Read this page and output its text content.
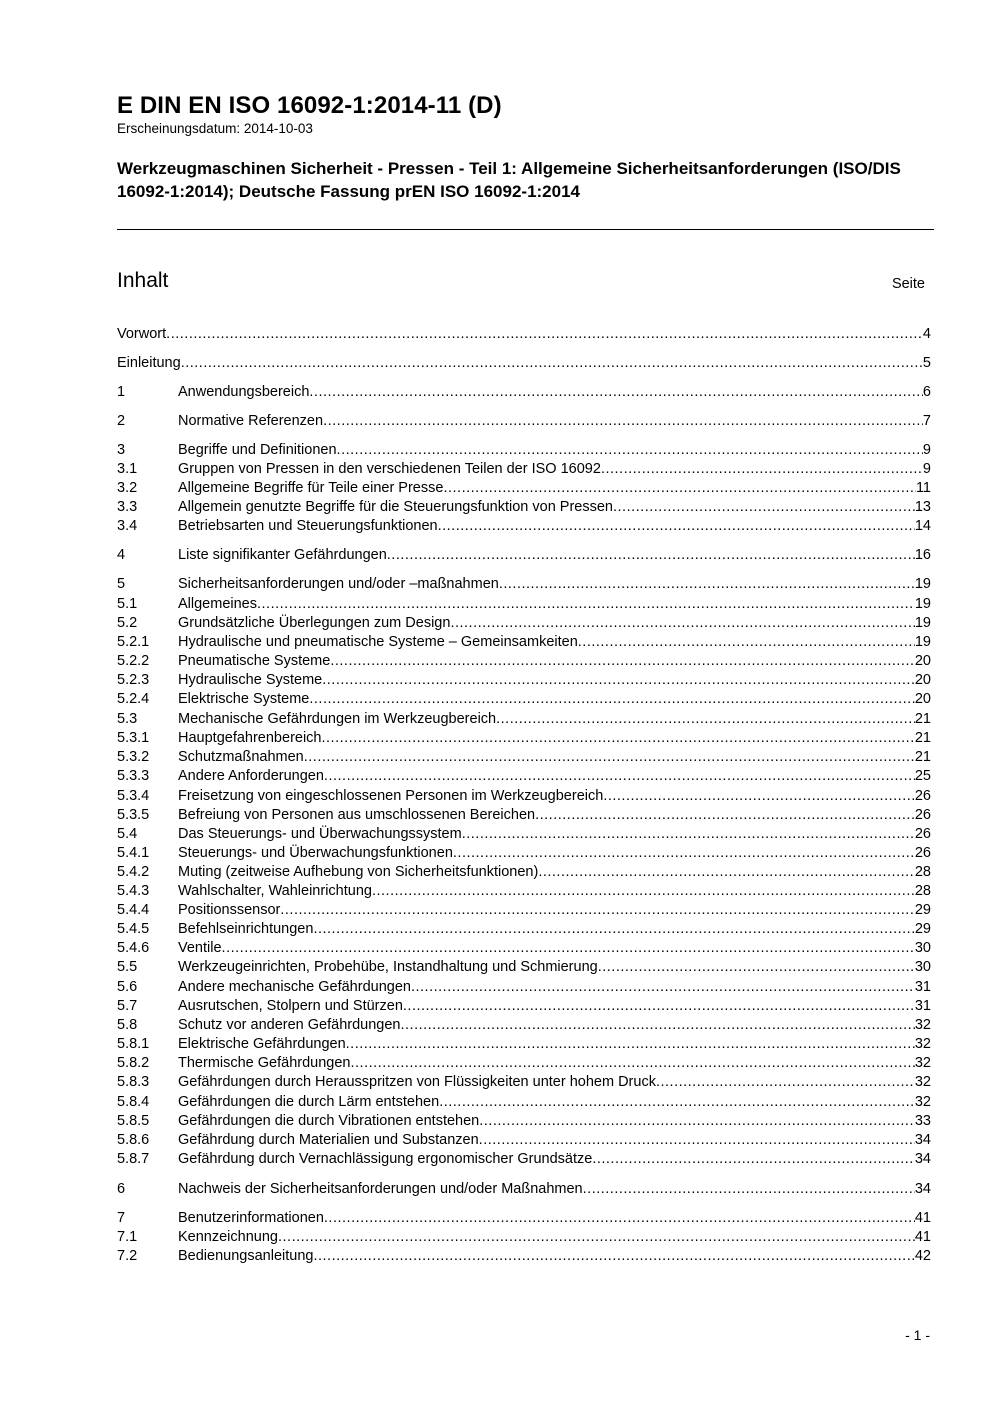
E DIN EN ISO 16092-1:2014-11 (D)

Erscheinungsdatum: 2014-10-03

Werkzeugmaschinen Sicherheit - Pressen - Teil 1: Allgemeine Sicherheitsanforderungen (ISO/DIS 16092-1:2014); Deutsche Fassung prEN ISO 16092-1:2014
Inhalt	Seite
Vorwort .....	4
Einleitung .....	5
1	Anwendungsbereich .....	6
2	Normative Referenzen .....	7
3	Begriffe und Definitionen .....	9
3.1	Gruppen von Pressen in den verschiedenen Teilen der ISO 16092 .....	9
3.2	Allgemeine Begriffe für Teile einer Presse .....	11
3.3	Allgemein genutzte Begriffe für die Steuerungsfunktion von Pressen .....	13
3.4	Betriebsarten und Steuerungsfunktionen .....	14
4	Liste signifikanter Gefährdungen .....	16
5	Sicherheitsanforderungen und/oder –maßnahmen .....	19
5.1	Allgemeines .....	19
5.2	Grundsätzliche Überlegungen zum Design .....	19
5.2.1	Hydraulische und pneumatische Systeme – Gemeinsamkeiten .....	19
5.2.2	Pneumatische Systeme .....	20
5.2.3	Hydraulische Systeme .....	20
5.2.4	Elektrische Systeme .....	20
5.3	Mechanische Gefährdungen im Werkzeugbereich .....	21
5.3.1	Hauptgefahrenbereich .....	21
5.3.2	Schutzmaßnahmen .....	21
5.3.3	Andere Anforderungen .....	25
5.3.4	Freisetzung von eingeschlossenen Personen im Werkzeugbereich .....	26
5.3.5	Befreiung von Personen aus umschlossenen Bereichen .....	26
5.4	Das Steuerungs- und Überwachungssystem .....	26
5.4.1	Steuerungs- und Überwachungsfunktionen .....	26
5.4.2	Muting (zeitweise Aufhebung von Sicherheitsfunktionen) .....	28
5.4.3	Wahlschalter, Wahleinrichtung .....	28
5.4.4	Positionssensor .....	29
5.4.5	Befehlseinrichtungen .....	29
5.4.6	Ventile .....	30
5.5	Werkzeugeinrichten, Probehübe, Instandhaltung und Schmierung .....	30
5.6	Andere mechanische Gefährdungen .....	31
5.7	Ausrutschen, Stolpern und Stürzen .....	31
5.8	Schutz vor anderen Gefährdungen .....	32
5.8.1	Elektrische Gefährdungen .....	32
5.8.2	Thermische Gefährdungen .....	32
5.8.3	Gefährdungen durch Herausspritzen von Flüssigkeiten unter hohem Druck .....	32
5.8.4	Gefährdungen die durch Lärm entstehen .....	32
5.8.5	Gefährdungen die durch Vibrationen entstehen .....	33
5.8.6	Gefährdung durch Materialien und Substanzen .....	34
5.8.7	Gefährdung durch Vernachlässigung ergonomischer Grundsätze .....	34
6	Nachweis der Sicherheitsanforderungen und/oder Maßnahmen .....	34
7	Benutzerinformationen .....	41
7.1	Kennzeichnung .....	41
7.2	Bedienungsanleitung .....	42
- 1 -
